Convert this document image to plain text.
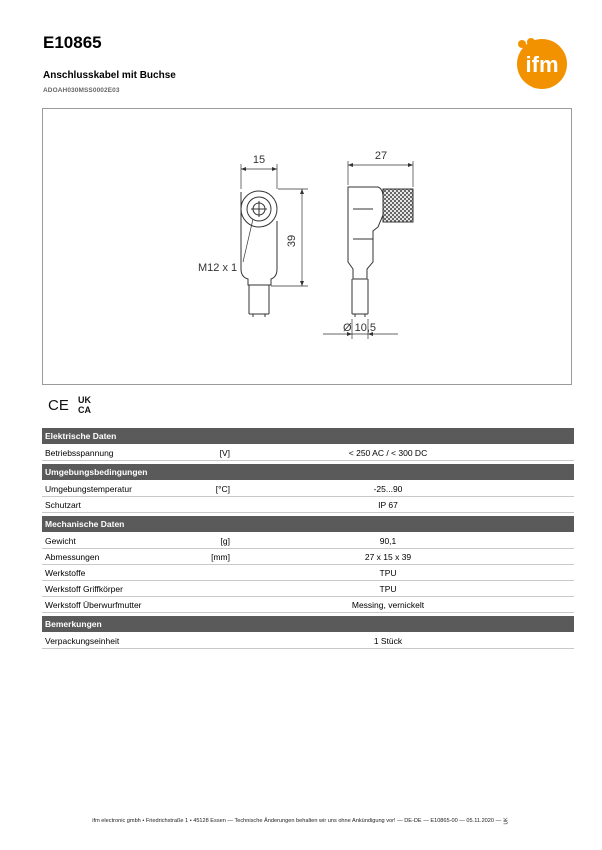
E10865
Anschlusskabel mit Buchse
ADOAH030MSS0002E03
ifm
15	27
39
M12 x 1
Ø 10,5
CE UK
CA
Elektrische Daten
Betriebsspannung	[V]	< 250 AC / < 300 DC
Umgebungsbedingungen
Umgebungstemperatur	[°C]	-25...90
Schutzart	IP 67
Mechanische Daten
Gewicht	[g]	90,1
Abmessungen	[mm]	27 x 15 x 39
Werkstoffe	TPU
Werkstoff Griffkörper	TPU
Werkstoff Überwurfmutter	Messing, vernickelt
Bemerkungen
Verpackungseinheit	1 Stück
ifm electronic gmbh • Friedrichstraße 1 • 45128 Essen — Technische Änderungen behalten wir uns ohne Ankündigung vor! — DE-DE — E10865-00 — 05.11.2020 — UK
